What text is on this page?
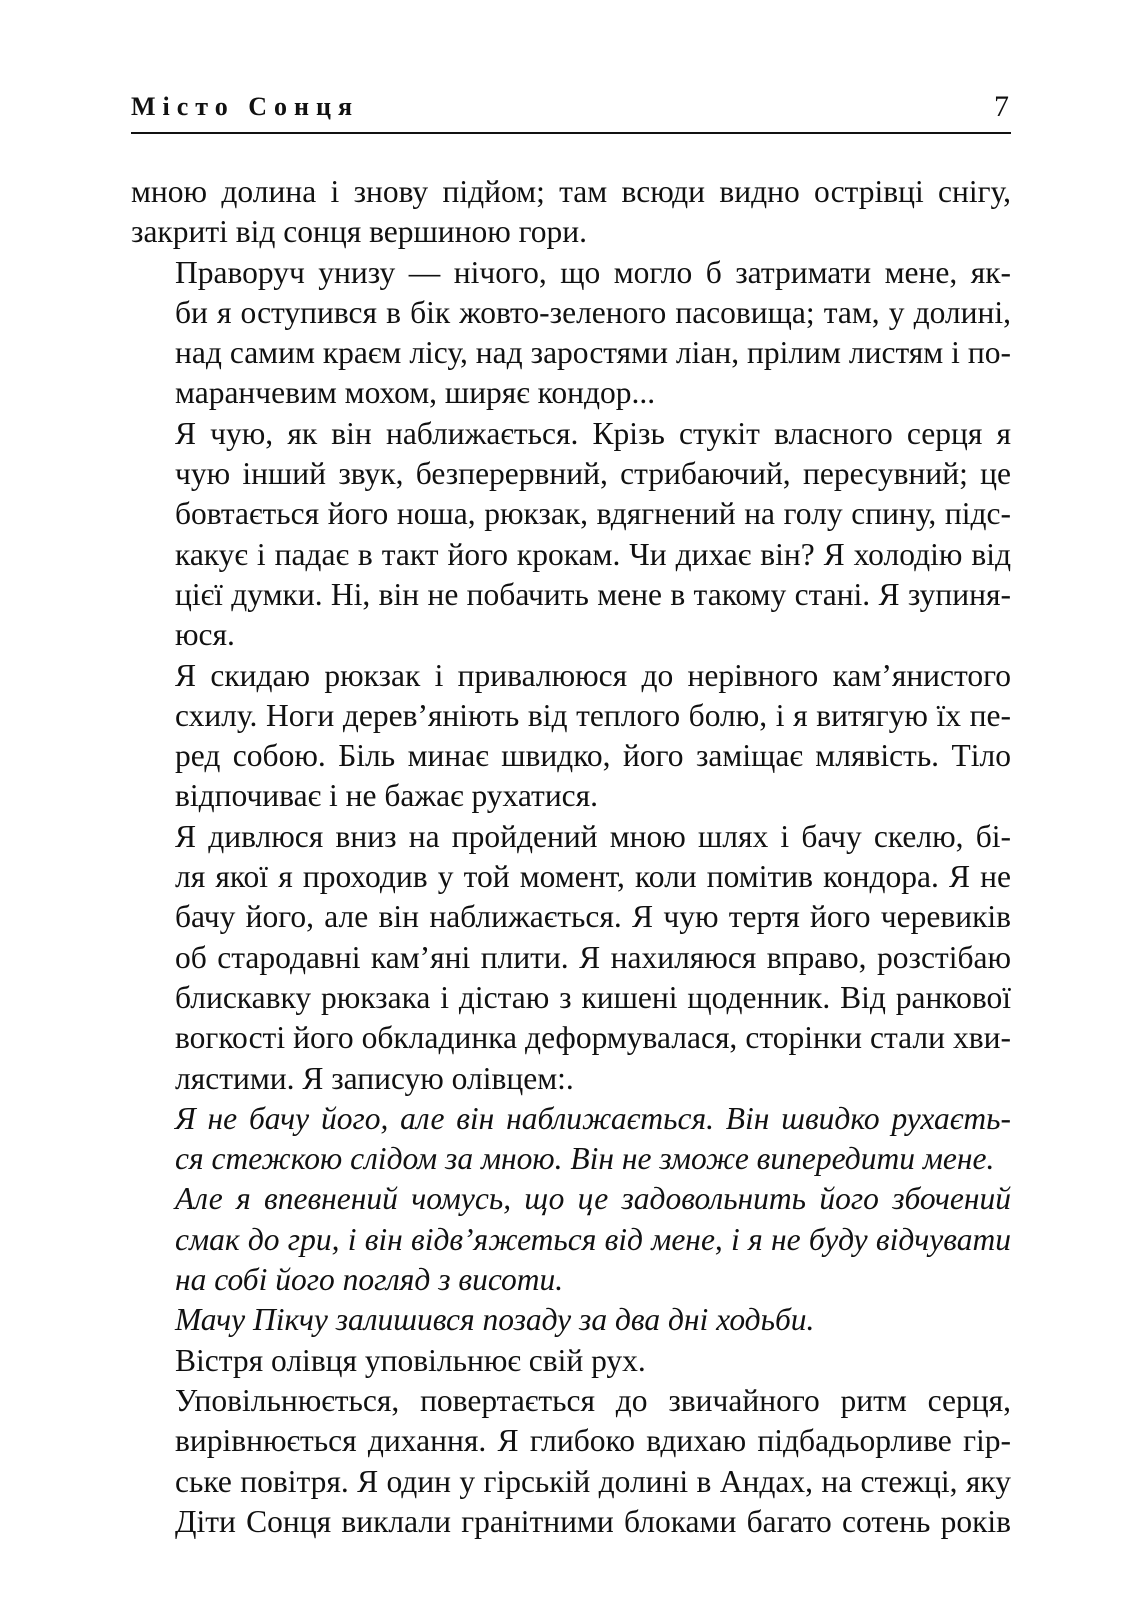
Місто Сонця	7

мною долина і знову підйом; там всюди видно острівці снігу,
закриті від сонця вершиною гори.

Праворуч унизу — нічого, що могло б затримати мене, як-
би я оступився в бік жовто-зеленого пасовища; там, у долині,
над самим краєм лісу, над заростями ліан, прілим листям і по-
маранчевим мохом, ширяє кондор...

Я чую, як він наближається. Крізь стукіт власного серця я
чую інший звук, безперервний, стрибаючий, пересувний; це
бовтається його ноша, рюкзак, вдягнений на голу спину, підс-
какує і падає в такт його крокам. Чи дихає він? Я холодію від
цієї думки. Ні, він не побачить мене в такому стані. Я зупиня-
юся.

Я скидаю рюкзак і привалююся до нерівного кам’янистого
схилу. Ноги дерев’яніють від теплого болю, і я витягую їх пе-
ред собою. Біль минає швидко, його заміщає млявість. Тіло
відпочиває і не бажає рухатися.

Я дивлюся вниз на пройдений мною шлях і бачу скелю, бі-
ля якої я проходив у той момент, коли помітив кондора. Я не
бачу його, але він наближається. Я чую тертя його черевиків
об стародавні кам’яні плити. Я нахиляюся вправо, розстібаю
блискавку рюкзака і дістаю з кишені щоденник. Від ранкової
вогкості його обкладинка деформувалася, сторінки стали хви-
лястими. Я записую олівцем:.

Я не бачу його, але він наближається. Він швидко рухаєть-
ся стежкою слідом за мною. Він не зможе випередити мене.

Але я впевнений чомусь, що це задовольнить його збочений
смак до гри, і він відв’яжеться від мене, і я не буду відчувати
на собі його погляд з висоти.

Мачу Пікчу залишився позаду за два дні ходьби.

Вістря олівця уповільнює свій рух.

Уповільнюється, повертається до звичайного ритм серця,
вирівнюється дихання. Я глибоко вдихаю підбадьорливе гір-
ське повітря. Я один у гірській долині в Андах, на стежці, яку
Діти Сонця виклали гранітними блоками багато сотень років
